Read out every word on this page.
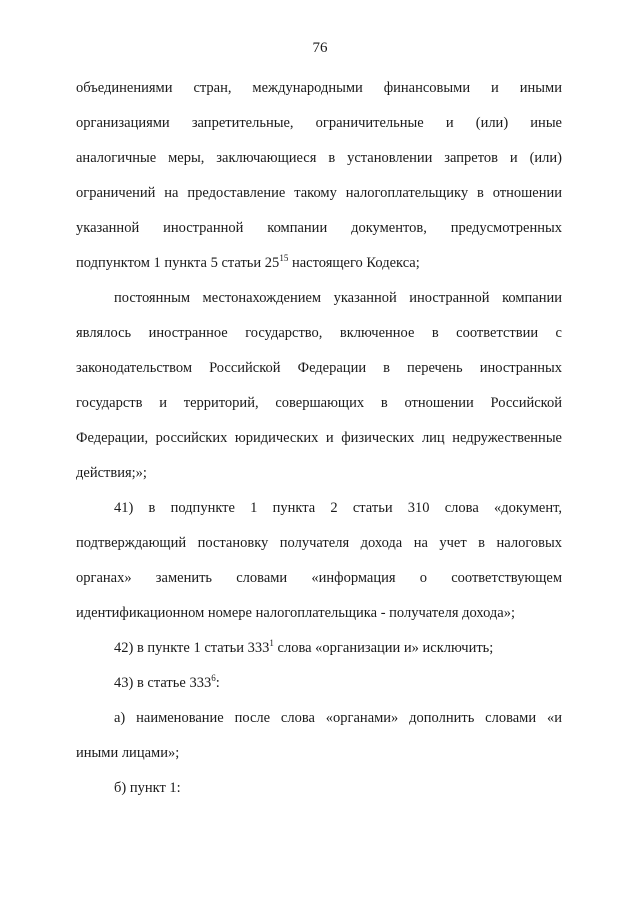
76
объединениями стран, международными финансовыми и иными
организациями запретительные, ограничительные и (или) иные
аналогичные меры, заключающиеся в установлении запретов и (или)
ограничений на предоставление такому налогоплательщику в отношении
указанной иностранной компании документов, предусмотренных
подпунктом 1 пункта 5 статьи $25^{15}$ настоящего Кодекса;
постоянным местонахождением указанной иностранной компании
являлось иностранное государство, включенное в соответствии с
законодательством Российской Федерации в перечень иностранных
государств и территорий, совершающих в отношении Российской
Федерации, российских юридических и физических лиц недружественные
действия;»;
41) в подпункте 1 пункта 2 статьи 310 слова «документ,
подтверждающий постановку получателя дохода на учет в налоговых
органах» заменить словами «информация о соответствующем
идентификационном номере налогоплательщика - получателя дохода»;
42) в пункте 1 статьи $333^1$ слова «организации и» исключить;
43) в статье $333^6$:
а) наименование после слова «органами» дополнить словами «и
иными лицами»;
б) пункт 1:
